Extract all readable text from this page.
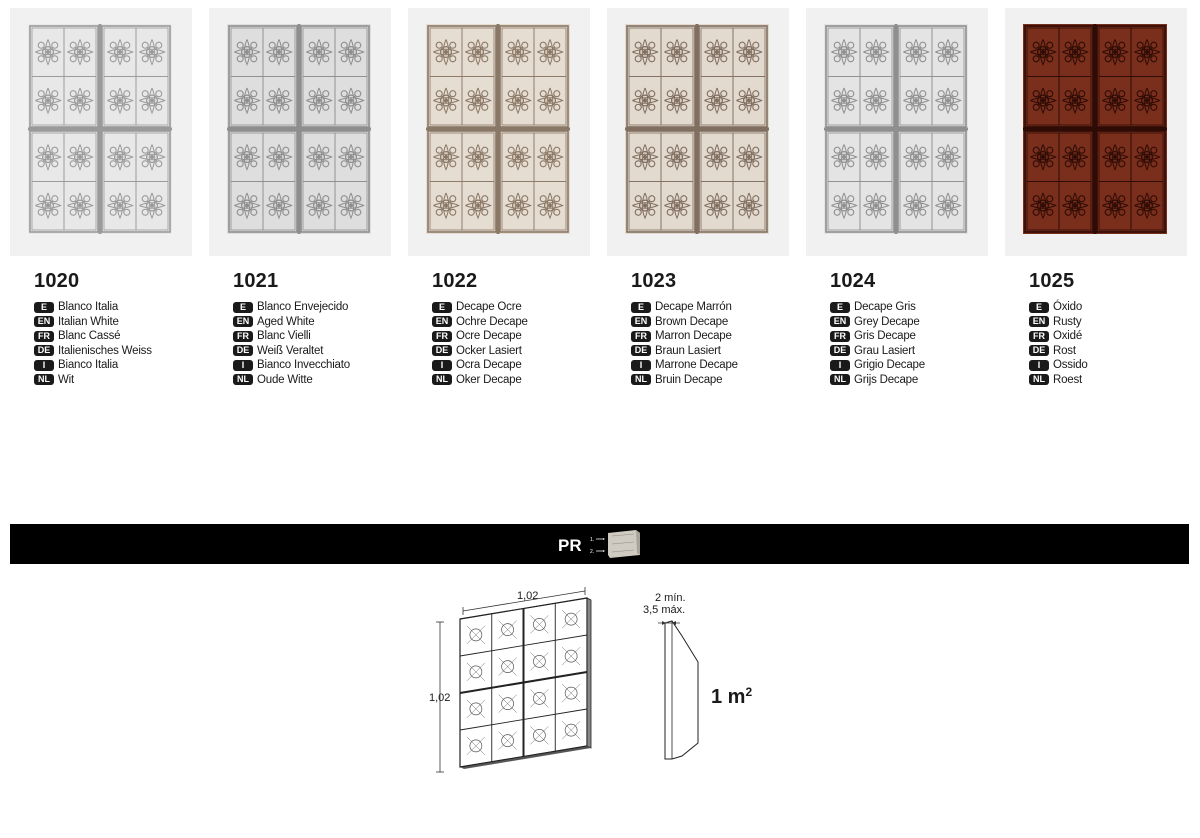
1020
E Blanco Italia
EN Italian White
FR Blanc Cassé
DE Italienisches Weiss
I	Bianco Italia
NL Wit
1021
E Blanco Envejecido
EN Aged White
FR Blanc Vielli
DE Weiß Veraltet
I	Bianco Invecchiato
NL Oude Witte
1022
E Decape Ocre
EN Ochre Decape
FR Ocre Decape
DE Ocker Lasiert
I	Ocra Decape
NL Oker Decape
1023
E Decape Marrón
EN Brown Decape
FR Marron Decape
DE Braun Lasiert
I	Marrone Decape
NL Bruin Decape
1024
E Decape Gris
EN Grey Decape
FR Gris Decape
DE Grau Lasiert
I	Grigio Decape
NL Grijs Decape
1025
E Óxido
EN Rusty
FR Oxidé
DE Rost
I	Ossido
NL Roest
PR 1.
2.
1,02
1,02
2 mín.
3,5 máx.
1 $m^2$
